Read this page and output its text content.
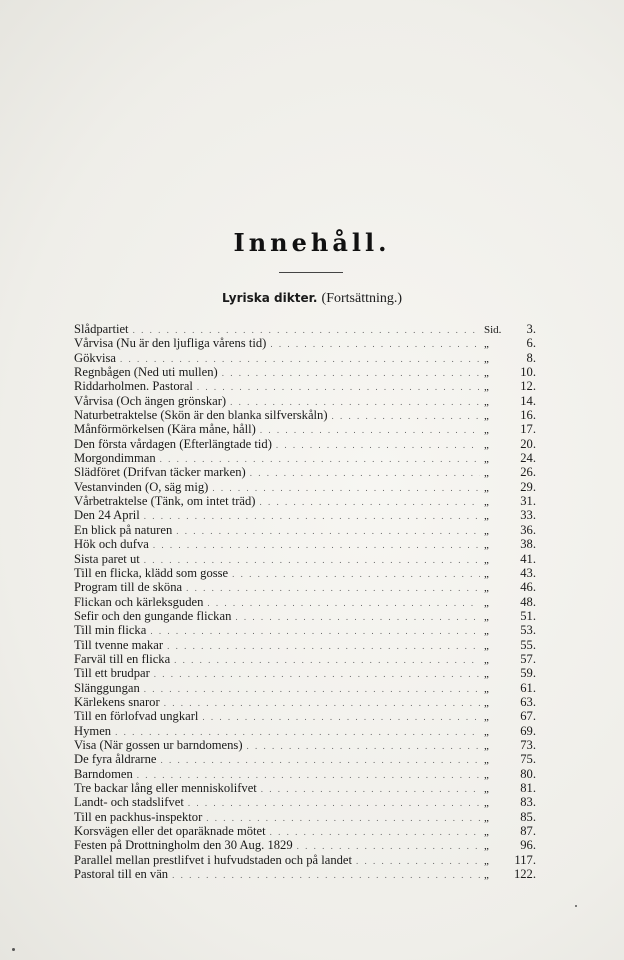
Innehåll.
Lyriska dikter. (Fortsättning.)
Slådpartiet . . .	Sid.	3.
Vårvisa (Nu är den ljufliga vårens tid) . . .	„	6.
Gökvisa . . .	„	8.
Regnbågen (Ned uti mullen) . . .	„	10.
Riddarholmen. Pastoral . . .	„	12.
Vårvisa (Och ängen grönskar) . . .	„	14.
Naturbetraktelse (Skön är den blanka silfverskåln) . . .	„	16.
Månförmörkelsen (Kära måne, håll) . . .	„	17.
Den första vårdagen (Efterlängtade tid) . . .	„	20.
Morgondimman . . .	„	24.
Slädföret (Drifvan täcker marken) . . .	„	26.
Vestanvinden (O, säg mig) . . .	„	29.
Vårbetraktelse (Tänk, om intet träd) . . .	„	31.
Den 24 April . . .	„	33.
En blick på naturen . . .	„	36.
Hök och dufva . . .	„	38.
Sista paret ut . . .	„	41.
Till en flicka, klädd som gosse . . .	„	43.
Program till de sköna . . .	„	46.
Flickan och kärleksguden . . .	„	48.
Sefir och den gungande flickan . . .	„	51.
Till min flicka . . .	„	53.
Till tvenne makar . . .	„	55.
Farväl till en flicka . . .	„	57.
Till ett brudpar . . .	„	59.
Slänggungan . . .	„	61.
Kärlekens snaror . . .	„	63.
Till en förlofvad ungkarl . . .	„	67.
Hymen . . .	„	69.
Visa (När gossen ur barndomens) . . .	„	73.
De fyra åldrarne . . .	„	75.
Barndomen . . .	„	80.
Tre backar lång eller menniskolifvet . . .	„	81.
Landt- och stadslifvet . . .	„	83.
Till en packhus-inspektor . . .	„	85.
Korsvägen eller det oparäknade mötet . . .	„	87.
Festen på Drottningholm den 30 Aug. 1829 . . .	„	96.
Parallel mellan prestlifvet i hufvudstaden och på landet . . .	„	117.
Pastoral till en vän . . .	„	122.
